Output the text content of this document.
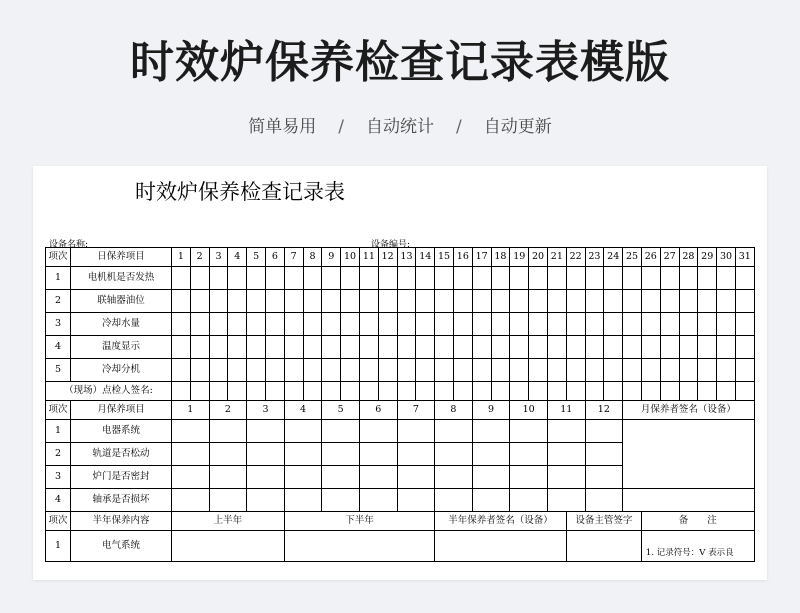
时效炉保养检查记录表模版
简单易用 / 自动统计 / 自动更新
时效炉保养检查记录表
设备名称:	设备编号:
项次	日保养项目	1	2	3	4	5	6	7	8	9	10	11	12	13	14	15	16	17	18	19	20	21	22	23	24	25	26	27	28	29	30	31
1	电机机是否发热																															
2	联轴器油位																															
3	冷却水量																															
4	温度显示																															
5	冷却分机																															
（现场）点检人签名:																																
项次	月保养项目	1		2		3		4		5		6		7		8		9		10		11		12		月保养者签名（设备）						
1	电器系统																															
2	轨道是否松动																															
3	炉门是否密封																															
4	轴承是否损坏																															
项次	半年保养内容	上半年						下半年								半年保养者签名（设备）							设备主管签字				备　　注					
1	电气系统																										1. 记录符号：V 表示良					
